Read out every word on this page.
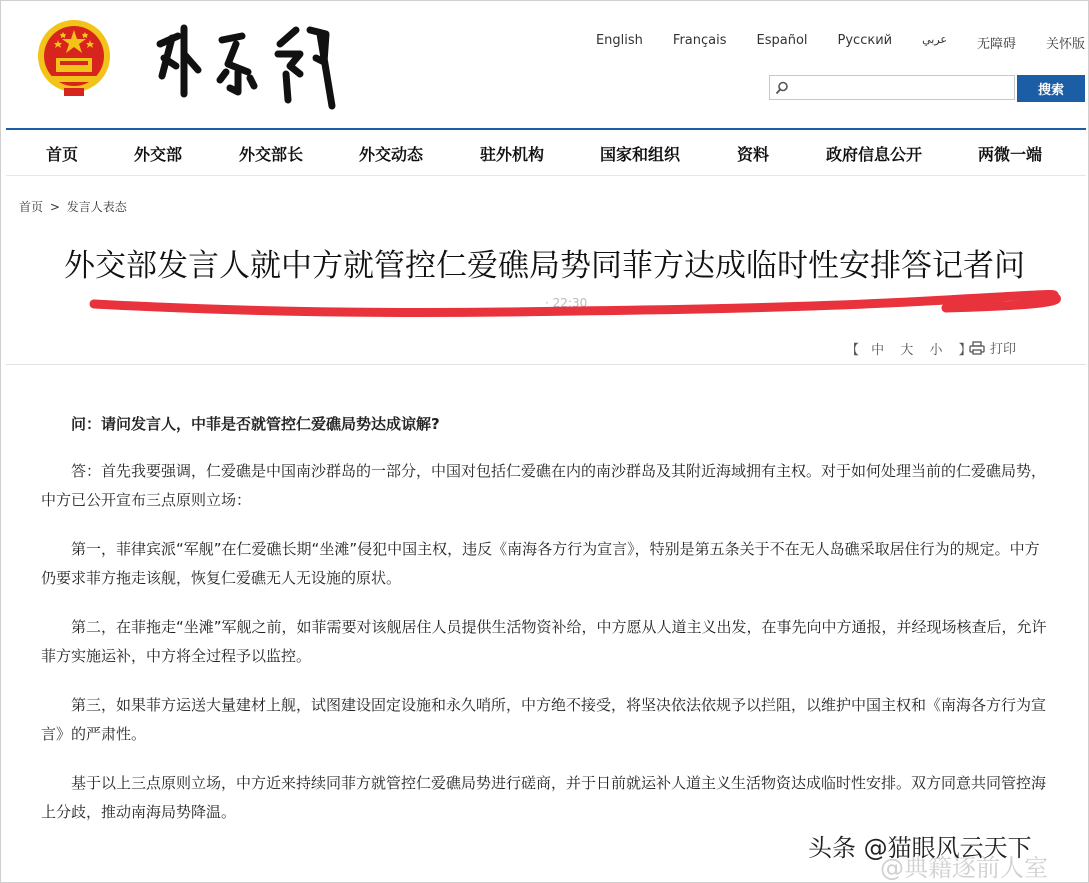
English Français Español Русский	عربي 无障碍 关怀版
搜索
首页	外交部	外交部长	外交动态	驻外机构	国家和组织	资料	政府信息公开	两微一端
首页 > 发言人表态
外交部发言人就中方就管控仁爱礁局势同菲方达成临时性安排答记者问
· 22:30
【 中 大 小 】	打印

问：请问发言人，中菲是否就管控仁爱礁局势达成谅解?

答：首先我要强调，仁爱礁是中国南沙群岛的一部分，中国对包括仁爱礁在内的南沙群岛及其附近海域拥有主权。对于如何处理当前的仁爱礁局势，中方已公开宣布三点原则立场：

第一，菲律宾派“军舰”在仁爱礁长期“坐滩”侵犯中国主权，违反《南海各方行为宣言》，特别是第五条关于不在无人岛礁采取居住行为的规定。中方仍要求菲方拖走该舰，恢复仁爱礁无人无设施的原状。

第二，在菲拖走“坐滩”军舰之前，如菲需要对该舰居住人员提供生活物资补给，中方愿从人道主义出发，在事先向中方通报，并经现场核查后，允许菲方实施运补，中方将全过程予以监控。

第三，如果菲方运送大量建材上舰，试图建设固定设施和永久哨所，中方绝不接受，将坚决依法依规予以拦阻，以维护中国主权和《南海各方行为宣言》的严肃性。

基于以上三点原则立场，中方近来持续同菲方就管控仁爱礁局势进行磋商，并于日前就运补人道主义生活物资达成临时性安排。双方同意共同管控海上分歧，推动南海局势降温。

@典籍逐前人室
头条 @猫眼风云天下
